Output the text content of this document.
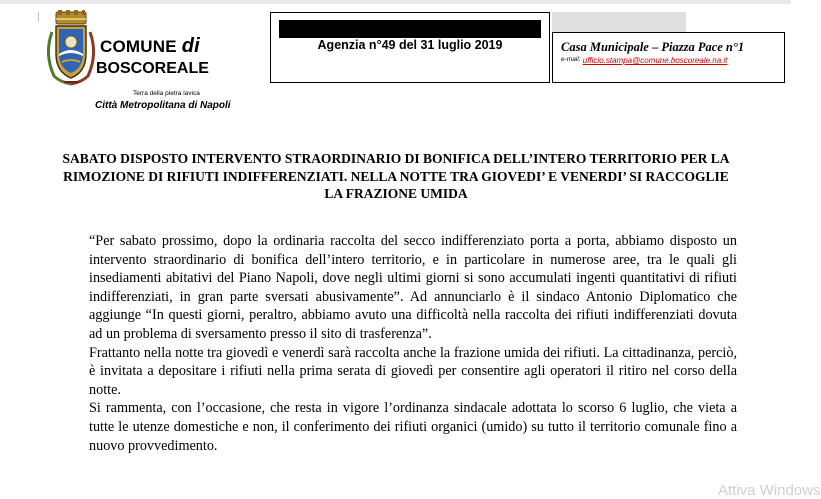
COMUNE di
BOSCOREALE
Terra della pietra lavica
Città Metropolitana di Napoli
Agenzia n°49 del 31 luglio 2019	Casa Municipale – Piazza Pace n°1
$^{e-mail:}$ ufficio.stampa@comune.boscoreale.na.it
SABATO DISPOSTO INTERVENTO STRAORDINARIO DI BONIFICA DELL’INTERO TERRITORIO PER LA RIMOZIONE DI RIFIUTI INDIFFERENZIATI. NELLA NOTTE TRA GIOVEDI’ E VENERDI’ SI RACCOGLIE LA FRAZIONE UMIDA

“Per sabato prossimo, dopo la ordinaria raccolta del secco indifferenziato porta a porta, abbiamo disposto un intervento straordinario di bonifica dell’intero territorio, e in particolare in numerose aree, tra le quali gli insediamenti abitativi del Piano Napoli, dove negli ultimi giorni si sono accumulati ingenti quantitativi di rifiuti indifferenziati, in gran parte sversati abusivamente”. Ad annunciarlo è il sindaco Antonio Diplomatico che aggiunge “In questi giorni, peraltro, abbiamo avuto una difficoltà nella raccolta dei rifiuti indifferenziati dovuta ad un problema di sversamento presso il sito di trasferenza”.

Frattanto nella notte tra giovedì e venerdì sarà raccolta anche la frazione umida dei rifiuti. La cittadinanza, perciò, è invitata a depositare i rifiuti nella prima serata di giovedì per consentire agli operatori il ritiro nel corso della notte.

Si rammenta, con l’occasione, che resta in vigore l’ordinanza sindacale adottata lo scorso 6 luglio, che vieta a tutte le utenze domestiche e non, il conferimento dei rifiuti organici (umido) su tutto il territorio comunale fino a nuovo provvedimento.

Attiva Windows
